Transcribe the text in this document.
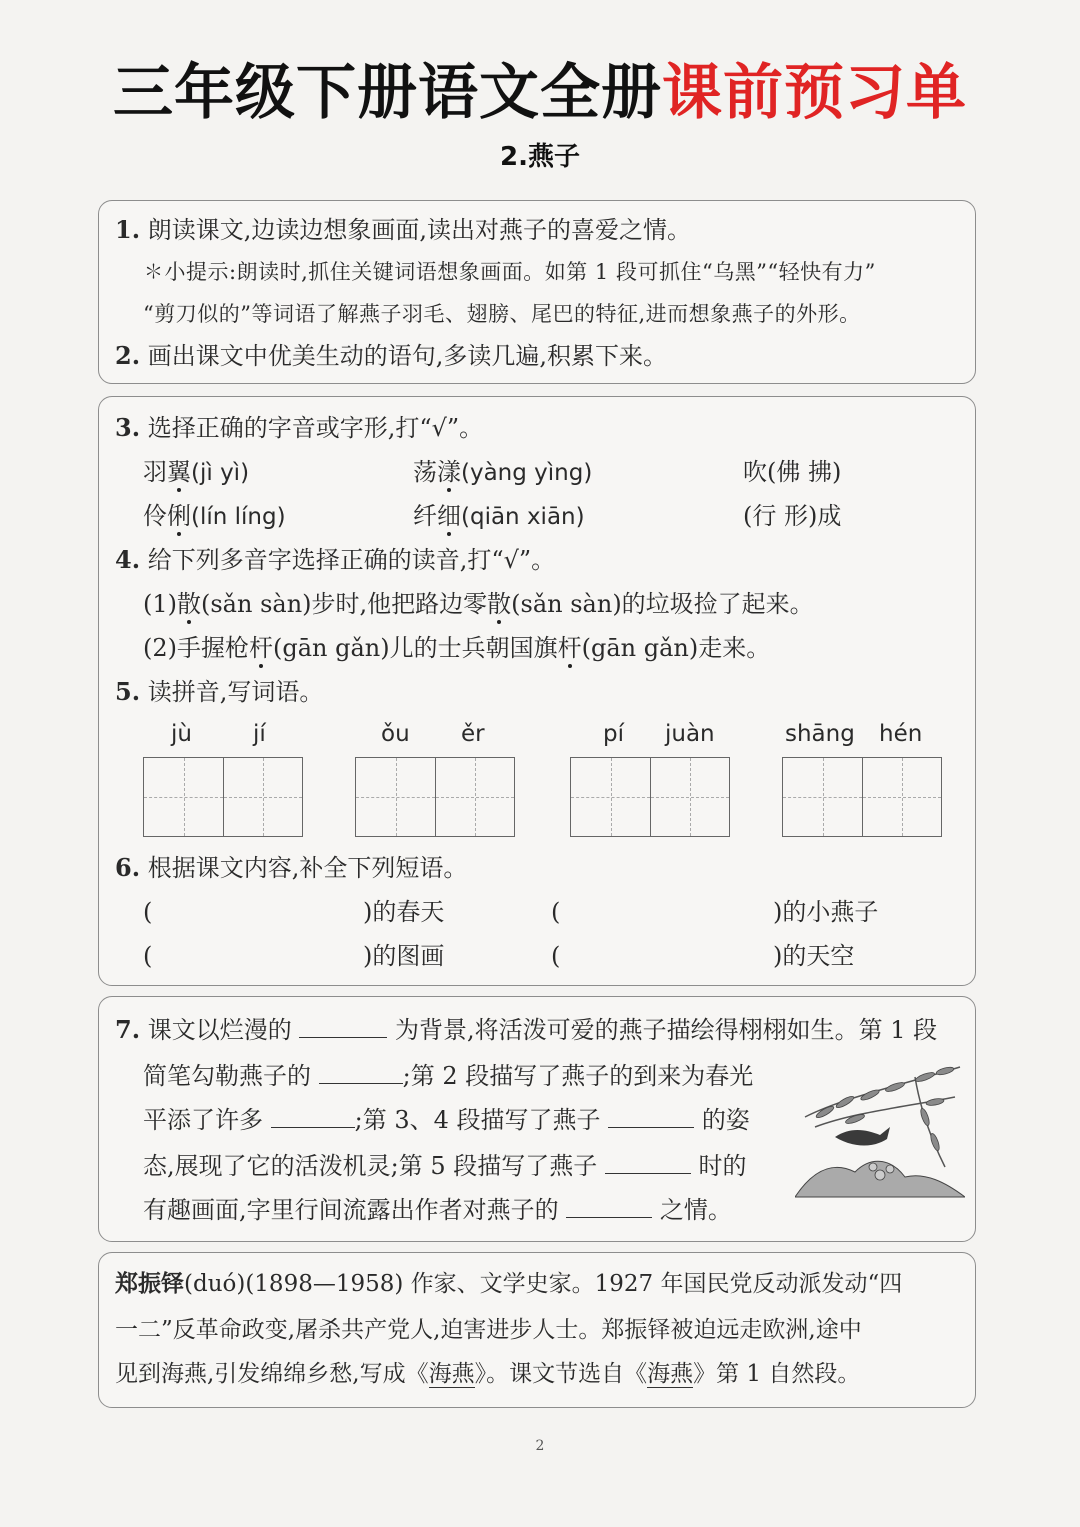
三年级下册语文全册课前预习单
2.燕子
1. 朗读课文,边读边想象画面,读出对燕子的喜爱之情。
✽小提示:朗读时,抓住关键词语想象画面。如第 1 段可抓住“乌黑”“轻快有力”
“剪刀似的”等词语了解燕子羽毛、翅膀、尾巴的特征,进而想象燕子的外形。
2. 画出课文中优美生动的语句,多读几遍,积累下来。
3. 选择正确的字音或字形,打“√”。
羽翼(jì yì)	荡漾(yàng yìng)	吹(佛 拂)
伶俐(lín líng)	纤细(qiān xiān)	(行 形)成
4. 给下列多音字选择正确的读音,打“√”。
(1)散(sǎn sàn)步时,他把路边零散(sǎn sàn)的垃圾捡了起来。
(2)手握枪杆(gān gǎn)儿的士兵朝国旗杆(gān gǎn)走来。
5. 读拼音,写词语。
jù	jí	ǒu ěr	pí juàn	shāng hén
6. 根据课文内容,补全下列短语。
(	)的春天	(	)的小燕子
(	)的图画	(	)的天空
7. 课文以烂漫的	为背景,将活泼可爱的燕子描绘得栩栩如生。第 1 段
简笔勾勒燕子的	;第 2 段描写了燕子的到来为春光
平添了许多	;第 3、4 段描写了燕子	的姿
态,展现了它的活泼机灵;第 5 段描写了燕子	时的
有趣画面,字里行间流露出作者对燕子的	之情。
郑振铎(duó)(1898—1958) 作家、文学史家。1927 年国民党反动派发动“四
一二”反革命政变,屠杀共产党人,迫害进步人士。郑振铎被迫远走欧洲,途中
见到海燕,引发绵绵乡愁,写成《海燕》。课文节选自《海燕》第 1 自然段。
2
